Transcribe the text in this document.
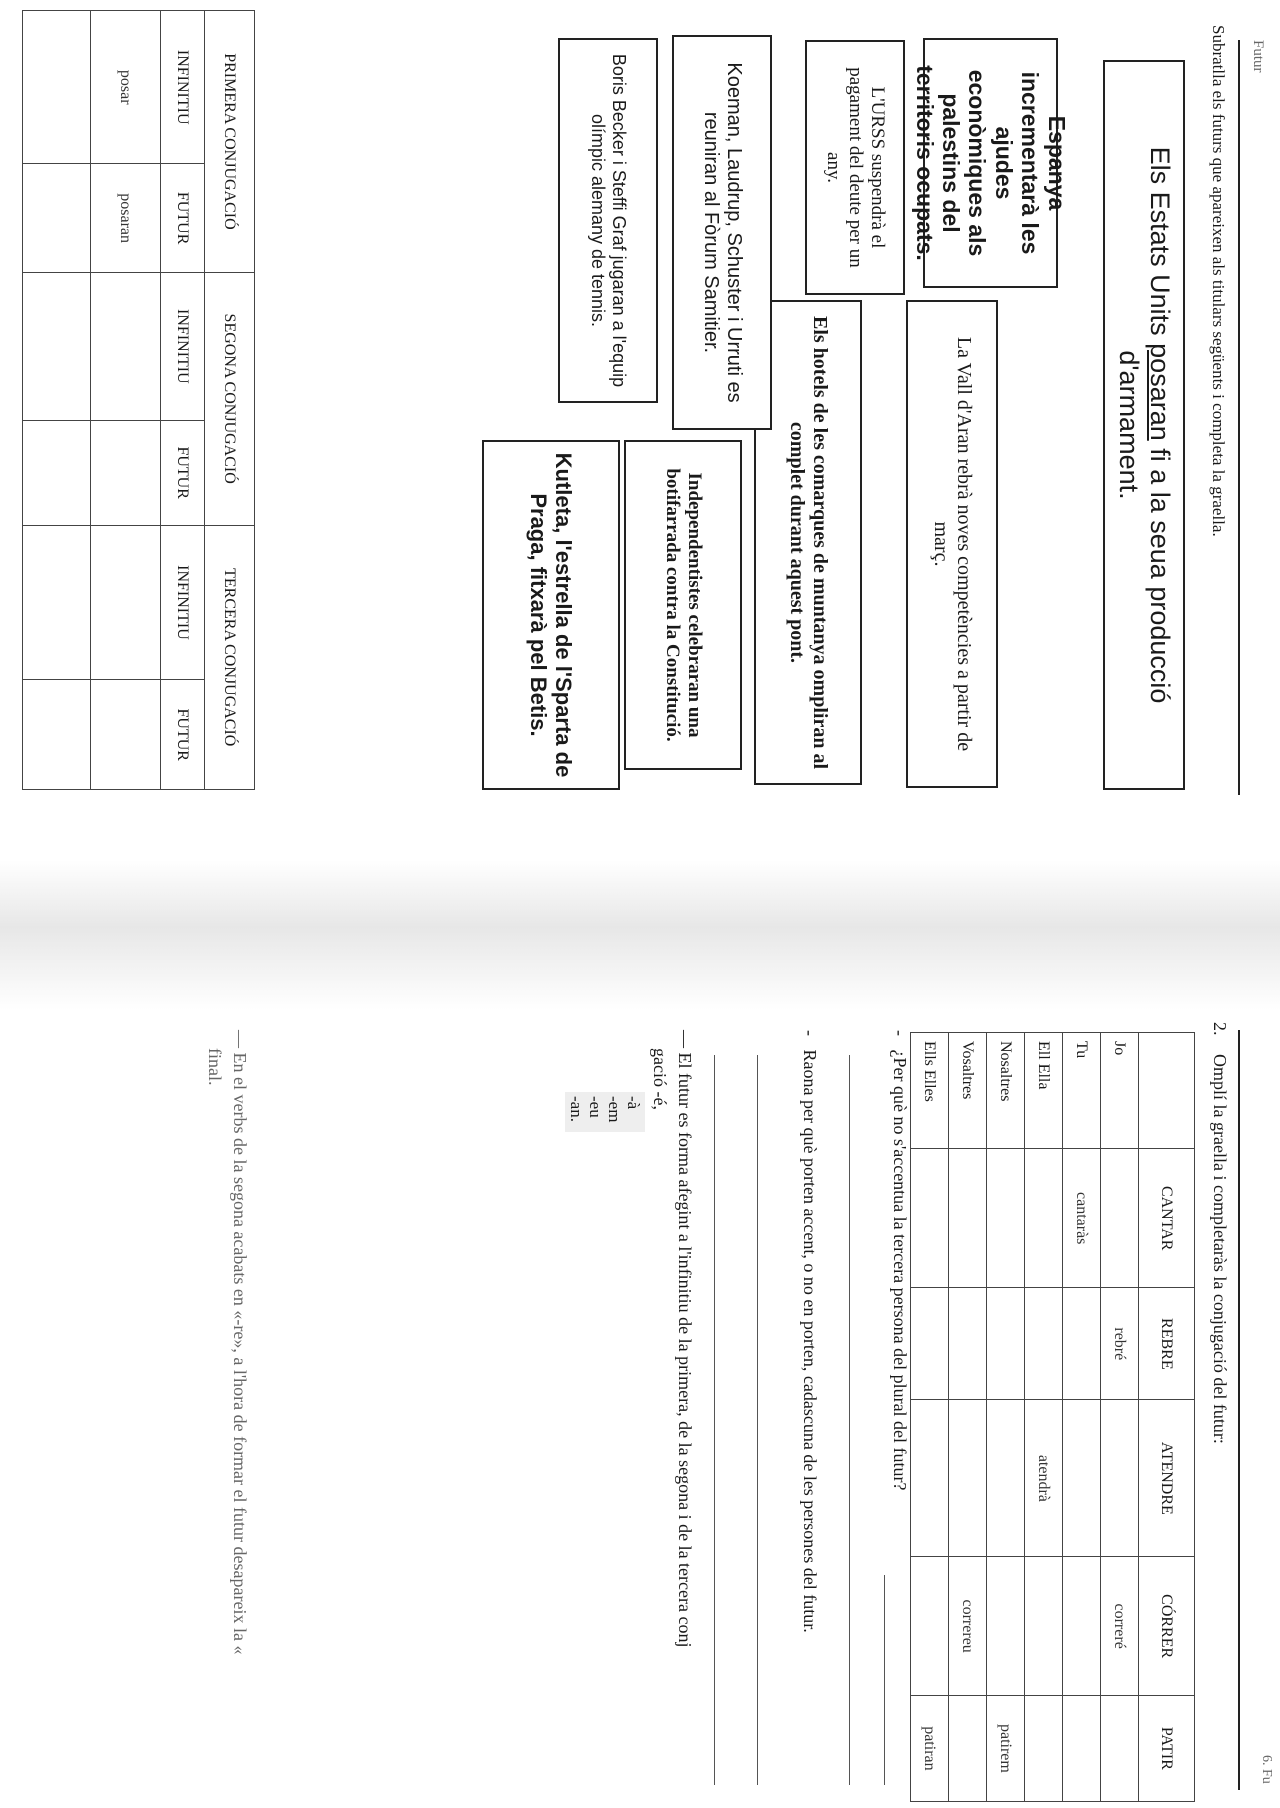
Futur
Subratlla els futurs que apareixen als titulars següents i completa la graella.
Els Estats Units posaran fi a la seua producció d'armament.
Espanya incrementarà les ajudes econòmiques als palestins del territoris ocupats.
La Vall d'Aran rebrà noves competències a partir de març.
L'URSS suspendrà el pagament del deute per un any.
Els hotels de les comarques de muntanya ompliran al complet durant aquest pont.
Independentistes celebraran una botifarrada contra la Constitució.
Koeman, Laudrup, Schuster i Urruti es reuniran al Fòrum Samitier.
Kutleta, l'estrella de l'Sparta de Praga, fitxarà pel Betis.
Boris Becker i Steffi Graf jugaran a l'equip olímpic alemany de tennis.
PRIMERA CONJUGACIÓ		SEGONA CONJUGACIÓ		TERCERA CONJUGACIÓ	
INFINITIU	FUTUR	INFINITIU	FUTUR	INFINITIU	FUTUR
posar	posaran				

6. Fu
2. Omplí la graella i completaràs la conjugació del futur:
	CANTAR	REBRE	ATENDRE	CÓRRER	PATIR
Jo		rebré		correré	
Tu	cantaràs				
Ell Ella			atendrà		
Nosaltres					patirem
Vosaltres				correreu	
Ells Elles					patiran
-   ¿Per què no s'accentua la tercera persona del plural del futur?
-   Raona per què porten accent, o no en porten, cadascuna de les persones del futur.
— El futur es forma afegint a l'infinitiu de la primera, de la segona i de la tercera conj
gació -é,
-à
-em
-eu
-an.
— En el verbs de la segona acabats en «-re», a l'hora de formar el futur desapareix la «
final.
